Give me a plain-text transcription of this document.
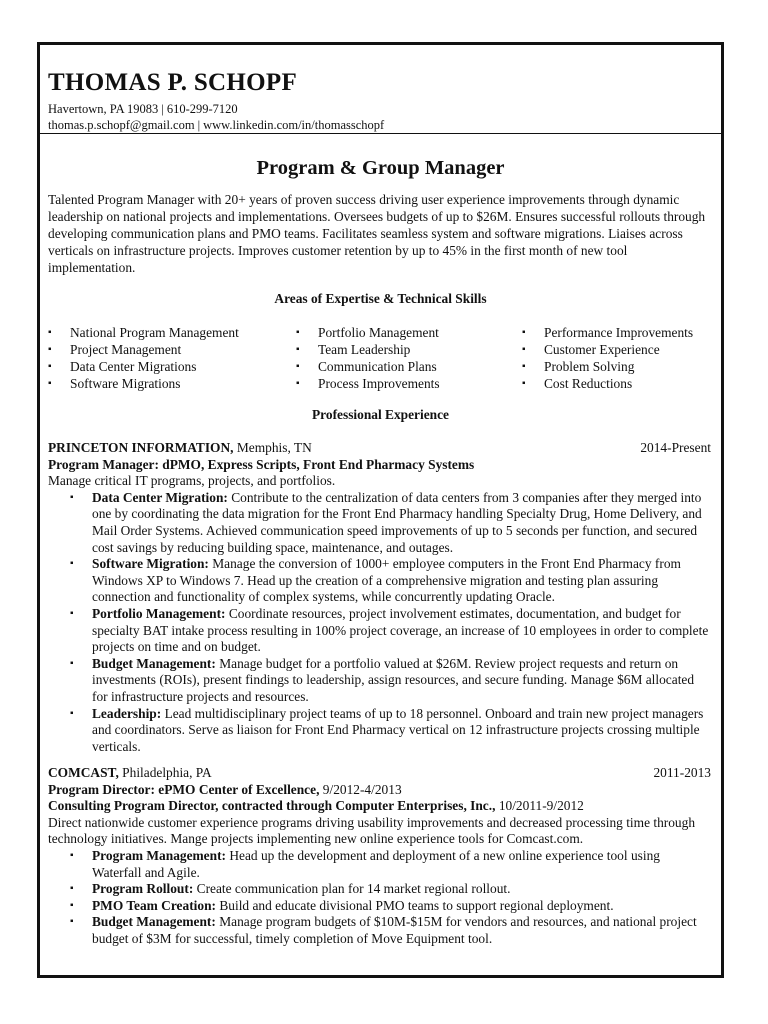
THOMAS P. SCHOPF
Havertown, PA 19083 | 610-299-7120
thomas.p.schopf@gmail.com | www.linkedin.com/in/thomasschopf
Program & Group Manager

Talented Program Manager with 20+ years of proven success driving user experience improvements through dynamic leadership on national projects and implementations. Oversees budgets of up to $26M. Ensures successful rollouts through developing communication plans and PMO teams. Facilitates seamless system and software migrations. Liaises across verticals on infrastructure projects. Improves customer retention by up to 45% in the first month of new tool implementation.

Areas of Expertise & Technical Skills
▪ National Program Management
▪ Project Management
▪ Data Center Migrations
▪ Software Migrations
▪ Portfolio Management
▪ Team Leadership
▪ Communication Plans
▪ Process Improvements
▪ Performance Improvements
▪ Customer Experience
▪ Problem Solving
▪ Cost Reductions
Professional Experience
PRINCETON INFORMATION, Memphis, TN	2014-Present

Program Manager: dPMO, Express Scripts, Front End Pharmacy Systems

Manage critical IT programs, projects, and portfolios.

▪ Data Center Migration: Contribute to the centralization of data centers from 3 companies after they merged into one by coordinating the data migration for the Front End Pharmacy handling Specialty Drug, Home Delivery, and Mail Order Systems. Achieved communication speed improvements of up to 5 seconds per function, and secured cost savings by reducing building space, maintenance, and outages.
▪ Software Migration: Manage the conversion of 1000+ employee computers in the Front End Pharmacy from Windows XP to Windows 7. Head up the creation of a comprehensive migration and testing plan assuring connection and functionality of complex systems, while concurrently updating Oracle.
▪ Portfolio Management: Coordinate resources, project involvement estimates, documentation, and budget for specialty BAT intake process resulting in 100% project coverage, an increase of 10 employees in order to complete projects on time and on budget.
▪ Budget Management: Manage budget for a portfolio valued at $26M. Review project requests and return on investments (ROIs), present findings to leadership, assign resources, and secure funding. Manage $6M allocated for infrastructure projects and resources.
▪ Leadership: Lead multidisciplinary project teams of up to 18 personnel. Onboard and train new project managers and coordinators. Serve as liaison for Front End Pharmacy vertical on 12 infrastructure projects crossing multiple verticals.
COMCAST, Philadelphia, PA	2011-2013

Program Director: ePMO Center of Excellence, 9/2012-4/2013

Consulting Program Director, contracted through Computer Enterprises, Inc., 10/2011-9/2012

Direct nationwide customer experience programs driving usability improvements and decreased processing time through technology initiatives. Mange projects implementing new online experience tools for Comcast.com.

▪ Program Management: Head up the development and deployment of a new online experience tool using Waterfall and Agile.
▪ Program Rollout: Create communication plan for 14 market regional rollout.
▪ PMO Team Creation: Build and educate divisional PMO teams to support regional deployment.
▪ Budget Management: Manage program budgets of $10M-$15M for vendors and resources, and national project budget of $3M for successful, timely completion of Move Equipment tool.
